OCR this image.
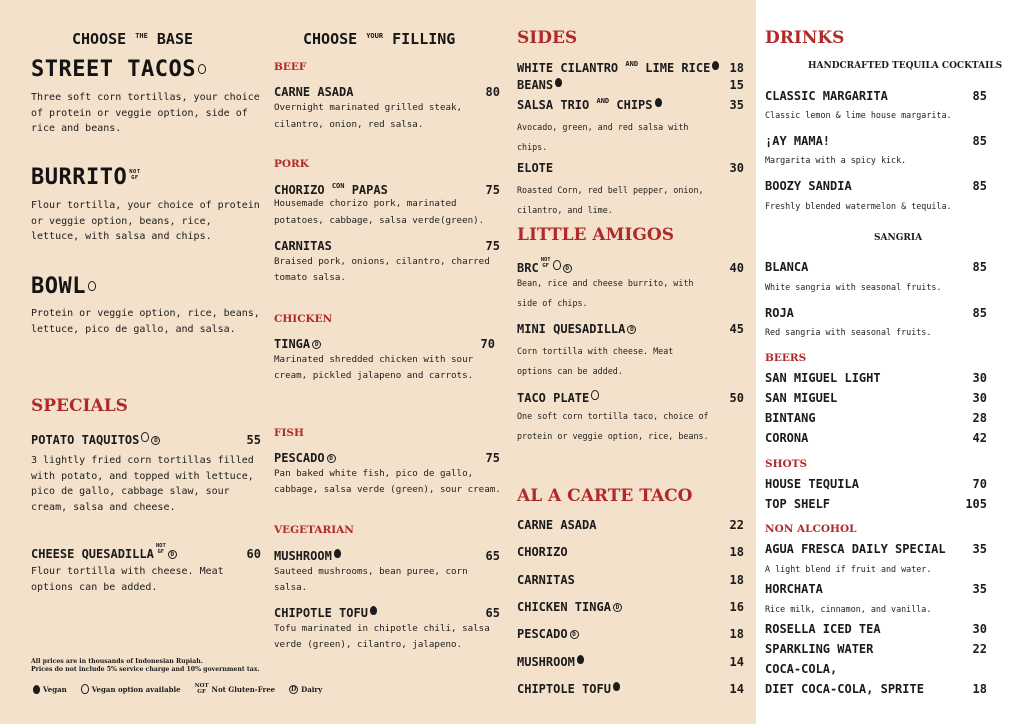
CHOOSE $^{THE}$ BASE
STREET TACOS
Three soft corn tortillas, your choice of protein or veggie option, side of rice and beans.
BURRITO NOT
GF
Flour tortilla, your choice of protein or veggie option, beans, rice, lettuce, with salsa and chips.
BOWL
Protein or veggie option, rice, beans, lettuce, pico de gallo, and salsa.
SPECIALS
POTATO TAQUITOS D	55
3 lightly fried corn tortillas filled with potato, and topped with lettuce, pico de gallo, cabbage slaw, sour cream, salsa and cheese.
CHEESE QUESADILLANOT
GF D	60
Flour tortilla with cheese. Meat options can be added.
All prices are in thousands of Indonesian Rupiah.
Prices do not include 5% service charge and 10% government tax.
Vegan	Vegan option available	NOT
GF Not Gluten-Free	D Dairy
CHOOSE $^{YOUR}$ FILLING
BEEF
CARNE ASADA	80
Overnight marinated grilled steak, cilantro, onion, red salsa.
PORK
CHORIZO $^{CON}$ PAPAS	75
Housemade chorizo pork, marinated potatoes, cabbage, salsa verde(green).
CARNITAS	75
Braised pork, onions, cilantro, charred tomato salsa.
CHICKEN
TINGA D	70
Marinated shredded chicken with sour cream, pickled jalapeno and carrots.
FISH
PESCADO D	75
Pan baked white fish, pico de gallo, cabbage, salsa verde (green), sour cream.
VEGETARIAN
MUSHROOM	65
Sauteed mushrooms, bean puree, corn salsa.
CHIPOTLE TOFU	65
Tofu marinated in chipotle chili, salsa verde (green), cilantro, jalapeno.
SIDES
WHITE CILANTRO $^{AND}$ LIME RICE	18
BEANS	15
SALSA TRIO $^{AND}$ CHIPS	35
Avocado, green, and red salsa with chips.
ELOTE	30
Roasted Corn, red bell pepper, onion, cilantro, and lime.
LITTLE AMIGOS
BRCNOT
GF	D	40
Bean, rice and cheese burrito, with side of chips.
MINI QUESADILLA D	45
Corn tortilla with cheese. Meat options can be added.
TACO PLATE	50
One soft corn tortilla taco, choice of protein or veggie option, rice, beans.
AL A CARTE TACO
CARNE ASADA	22
CHORIZO	18
CARNITAS	18
CHICKEN TINGA D	16
PESCADO D	18
MUSHROOM	14
CHIPTOLE TOFU	14
DRINKS
HANDCRAFTED TEQUILA COCKTAILS
CLASSIC MARGARITA	85
Classic lemon & lime house margarita.
¡AY MAMA!	85
Margarita with a spicy kick.
BOOZY SANDIA	85
Freshly blended watermelon & tequila.
SANGRIA
BLANCA	85
White sangria with seasonal fruits.
ROJA	85
Red sangria with seasonal fruits.
BEERS
SAN MIGUEL LIGHT	30
SAN MIGUEL	30
BINTANG	28
CORONA	42
SHOTS
HOUSE TEQUILA	70
TOP SHELF	105
NON ALCOHOL
AGUA FRESCA DAILY SPECIAL 35
A light blend if fruit and water.
HORCHATA	35
Rice milk, cinnamon, and vanilla.
ROSELLA ICED TEA	30
SPARKLING WATER	22
COCA-COLA,
DIET COCA-COLA, SPRITE	18
